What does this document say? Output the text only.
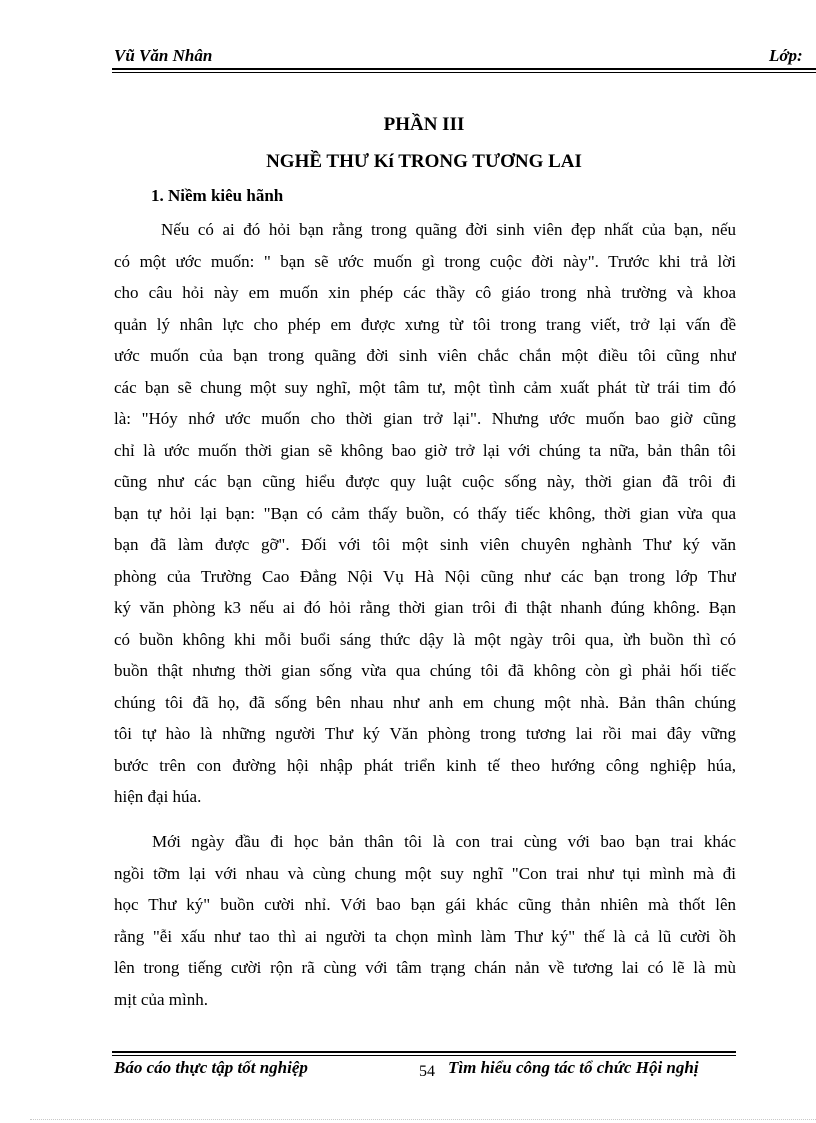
Vũ Văn Nhân	Lớp:
PHẦN III
NGHỀ THƯ Kí TRONG TƯƠNG LAI
1. Niềm kiêu hãnh
Nếu có ai đó hỏi bạn rằng trong quãng đời sinh viên đẹp nhất của bạn, nếu
có một ước muốn: " bạn sẽ ước muốn gì trong cuộc đời này". Trước khi trả lời
cho câu hỏi này em muốn xin phép các thầy cô giáo trong nhà trường và khoa
quản lý nhân lực cho phép em được xưng từ tôi trong trang viết, trở lại vấn đề
ước muốn của bạn trong quãng đời sinh viên chắc chắn một điều tôi cũng như
các bạn sẽ chung một suy nghĩ, một tâm tư, một tình cảm xuất phát từ trái tim đó
là: "Hóy nhớ ước muốn cho thời gian trở lại". Nhưng ước muốn bao giờ cũng
chỉ là ước muốn thời gian sẽ không bao giờ trở lại với chúng ta nữa, bản thân tôi
cũng như các bạn cũng hiểu được quy luật cuộc sống này, thời gian đã trôi đi
bạn tự hỏi lại bạn: "Bạn có cảm thấy buồn, có thấy tiếc không, thời gian vừa qua
bạn đã làm được gỡ". Đối với tôi một sinh viên chuyên nghành Thư ký văn
phòng của Trường Cao Đẳng Nội Vụ Hà Nội cũng như các bạn trong lớp Thư
ký văn phòng k3 nếu ai đó hỏi rằng thời gian trôi đi thật nhanh đúng không. Bạn
có buồn không khi mỗi buổi sáng thức dậy là một ngày trôi qua, ừh buồn thì có
buồn thật nhưng thời gian sống vừa qua chúng tôi đã không còn gì phải hối tiếc
chúng tôi đã họ, đã sống bên nhau như anh em chung một nhà. Bản thân chúng
tôi tự hào là những người Thư ký Văn phòng trong tương lai rồi mai đây vững
bước trên con đường hội nhập phát triển kinh tế theo hướng công nghiệp húa,
hiện đại húa.
Mới ngày đầu đi học bản thân tôi là con trai cùng với bao bạn trai khác
ngồi tỡm lại với nhau và cùng chung một suy nghĩ "Con trai như tụi mình mà đi
học Thư ký" buồn cười nhỉ. Với bao bạn gái khác cũng thản nhiên mà thốt lên
rằng "ễi xấu như tao thì ai người ta chọn mình làm Thư ký" thế là cả lũ cười ồh
lên trong tiếng cười rộn rã cùng với tâm trạng chán nản về tương lai có lẽ là mù
mịt của mình.
Báo cáo thực tập tốt nghiệp	54 Tìm hiểu công tác tổ chức Hội nghị
